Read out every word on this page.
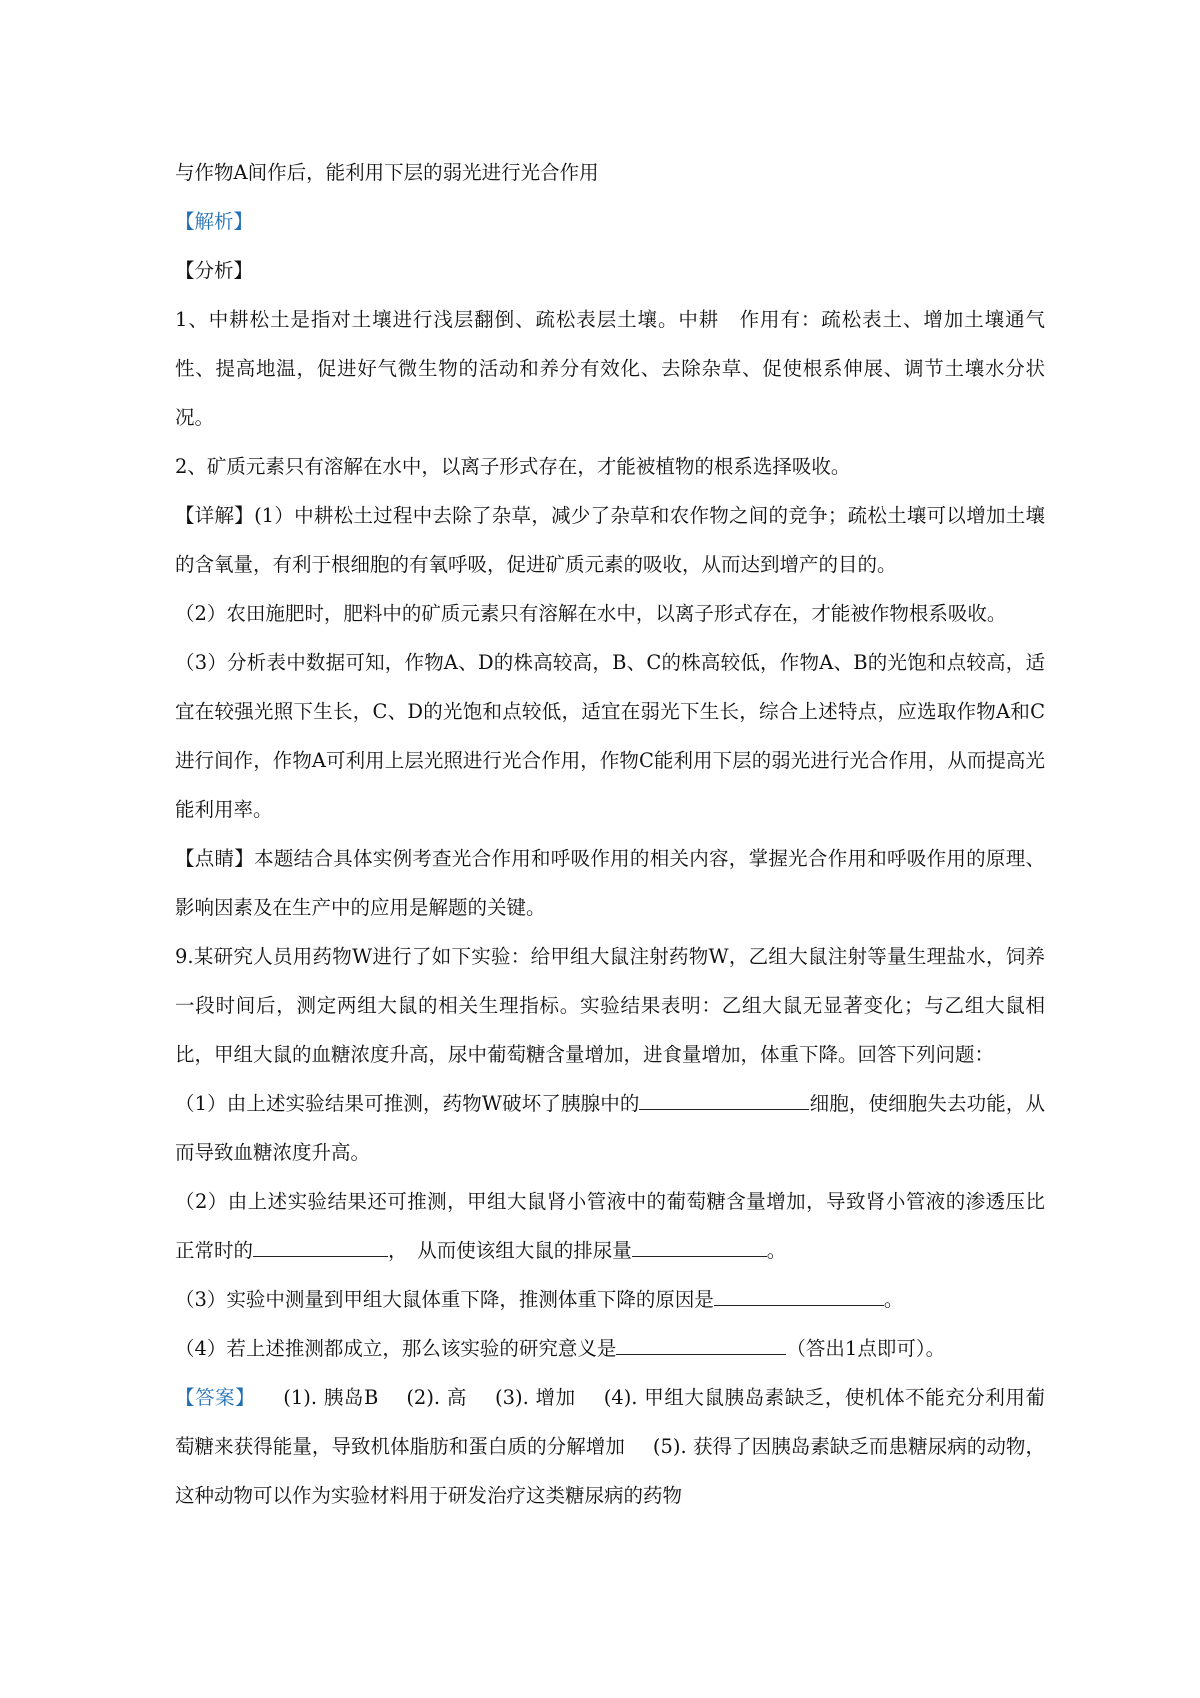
与作物A间作后，能利用下层的弱光进行光合作用

【解析】

【分析】

1、中耕松土是指对土壤进行浅层翻倒、疏松表层土壤。中耕　作用有：疏松表土、增加土壤通气性、提高地温，促进好气微生物的活动和养分有效化、去除杂草、促使根系伸展、调节土壤水分状况。

2、矿质元素只有溶解在水中，以离子形式存在，才能被植物的根系选择吸收。

【详解】(1）中耕松土过程中去除了杂草，减少了杂草和农作物之间的竞争；疏松土壤可以增加土壤的含氧量，有利于根细胞的有氧呼吸，促进矿质元素的吸收，从而达到增产的目的。

（2）农田施肥时，肥料中的矿质元素只有溶解在水中，以离子形式存在，才能被作物根系吸收。

（3）分析表中数据可知，作物A、D的株高较高，B、C的株高较低，作物A、B的光饱和点较高，适宜在较强光照下生长，C、D的光饱和点较低，适宜在弱光下生长，综合上述特点，应选取作物A和C进行间作，作物A可利用上层光照进行光合作用，作物C能利用下层的弱光进行光合作用，从而提高光能利用率。

【点睛】本题结合具体实例考查光合作用和呼吸作用的相关内容，掌握光合作用和呼吸作用的原理、影响因素及在生产中的应用是解题的关键。

9.某研究人员用药物W进行了如下实验：给甲组大鼠注射药物W，乙组大鼠注射等量生理盐水，饲养一段时间后，测定两组大鼠的相关生理指标。实验结果表明：乙组大鼠无显著变化；与乙组大鼠相比，甲组大鼠的血糖浓度升高，尿中葡萄糖含量增加，进食量增加，体重下降。回答下列问题：

（1）由上述实验结果可推测，药物W破坏了胰腺中的	细胞，使细胞失去功能，从而导致血糖浓度升高。

（2）由上述实验结果还可推测，甲组大鼠肾小管液中的葡萄糖含量增加，导致肾小管液的渗透压比正常时的	，　从而使该组大鼠的排尿量	。

（3）实验中测量到甲组大鼠体重下降，推测体重下降的原因是	。

（4）若上述推测都成立，那么该实验的研究意义是	（答出1点即可）。

【答案】 (1). 胰岛B (2). 高 (3). 增加 (4). 甲组大鼠胰岛素缺乏，使机体不能充分利用葡萄糖来获得能量，导致机体脂肪和蛋白质的分解增加 (5). 获得了因胰岛素缺乏而患糖尿病的动物，这种动物可以作为实验材料用于研发治疗这类糖尿病的药物
